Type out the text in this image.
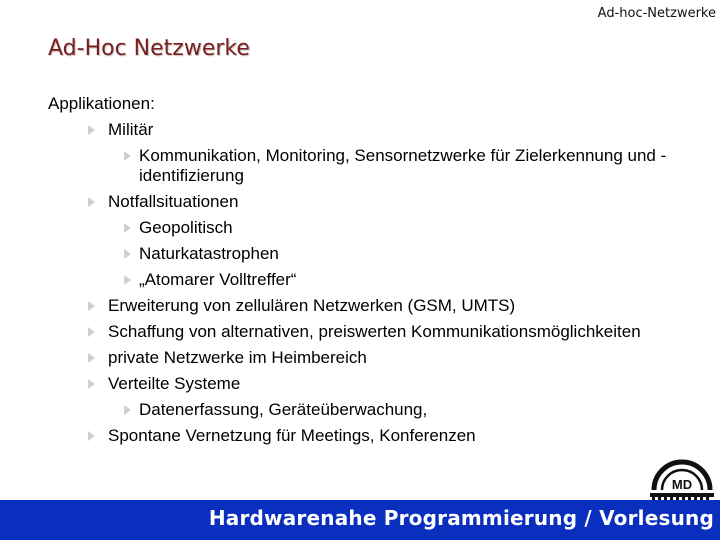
Ad-hoc-Netzwerke
Ad-Hoc Netzwerke
Applikationen:
Militär
Kommunikation, Monitoring, Sensornetzwerke für Zielerkennung und -identifizierung
Notfallsituationen
Geopolitisch
Naturkatastrophen
„Atomarer Volltreffer“
Erweiterung von zellulären Netzwerken (GSM, UMTS)
Schaffung von alternativen, preiswerten Kommunikationsmöglichkeiten
private Netzwerke im Heimbereich
Verteilte Systeme
Datenerfassung, Geräteüberwachung,
Spontane Vernetzung für Meetings, Konferenzen
MD
Hardwarenahe Programmierung / Vorlesung
